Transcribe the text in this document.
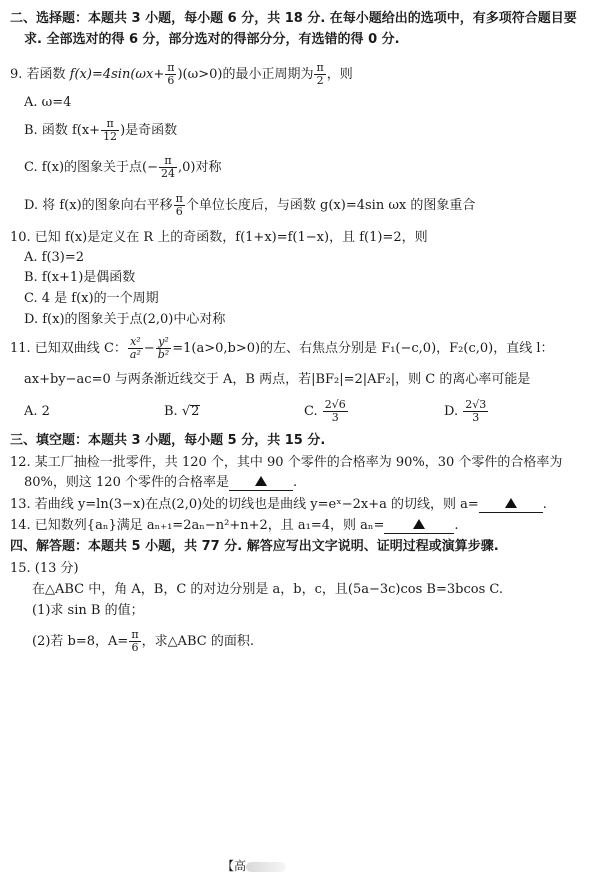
二、选择题：本题共 3 小题，每小题 6 分，共 18 分. 在每小题给出的选项中，有多项符合题目要
求. 全部选对的得 6 分，部分选对的得部分分，有选错的得 0 分.
9. 若函数 $f(x)=4\sin(\omega x+ \frac{\pi}{6} )(\omega>0)$的最小正周期为 $\frac{\pi}{2}$ ，则
A. ω=4
B. 函数 $f(x+ \frac{\pi}{12}$ )是奇函数
C. f(x)的图象关于点(− $\frac{\pi}{24} ,0$)对称
D. 将 f(x)的图象向右平移 $\frac{\pi}{6}$ 个单位长度后，与函数 g(x)=4sin ωx 的图象重合
10. 已知 f(x)是定义在 R 上的奇函数，f(1+x)=f(1−x)，且 f(1)=2，则
A. f(3)=2
B. f(x+1)是偶函数
C. 4 是 f(x)的一个周期
D. f(x)的图象关于点(2,0)中心对称
11. 已知双曲线 C： $\frac{\text{x²}}{\text{a²}} - \frac{\text{y²}}{\text{b²}} =1(a>0,b>0)$的左、右焦点分别是 F₁(−c,0)，F₂(c,0)，直线 l：
ax+by−ac=0 与两条渐近线交于 A，B 两点，若|BF₂|=2|AF₂|，则 C 的离心率可能是
A. 2	B. √2	C. $\frac{2√6}{3}$	D. $\frac{2√3}{3}$
三、填空题：本题共 3 小题，每小题 5 分，共 15 分.
12. 某工厂抽检一批零件，共 120 个，其中 90 个零件的合格率为 90%，30 个零件的合格率为
80%，则这 120 个零件的合格率是	.
13. 若曲线 y=ln(3−x)在点(2,0)处的切线也是曲线 y=eˣ−2x+a 的切线，则 a=	.
14. 已知数列{aₙ}满足 aₙ₊₁=2aₙ−n²+n+2，且 a₁=4，则 aₙ=	.
四、解答题：本题共 5 小题，共 77 分. 解答应写出文字说明、证明过程或演算步骤.
15. (13 分)
在△ABC 中，角 A，B，C 的对边分别是 a，b，c，且(5a−3c)cos B=3bcos C.
(1)求 sin B 的值；
(2)若 b=8，$A= \frac{\pi}{6}$ ，求△ABC 的面积.
【高
